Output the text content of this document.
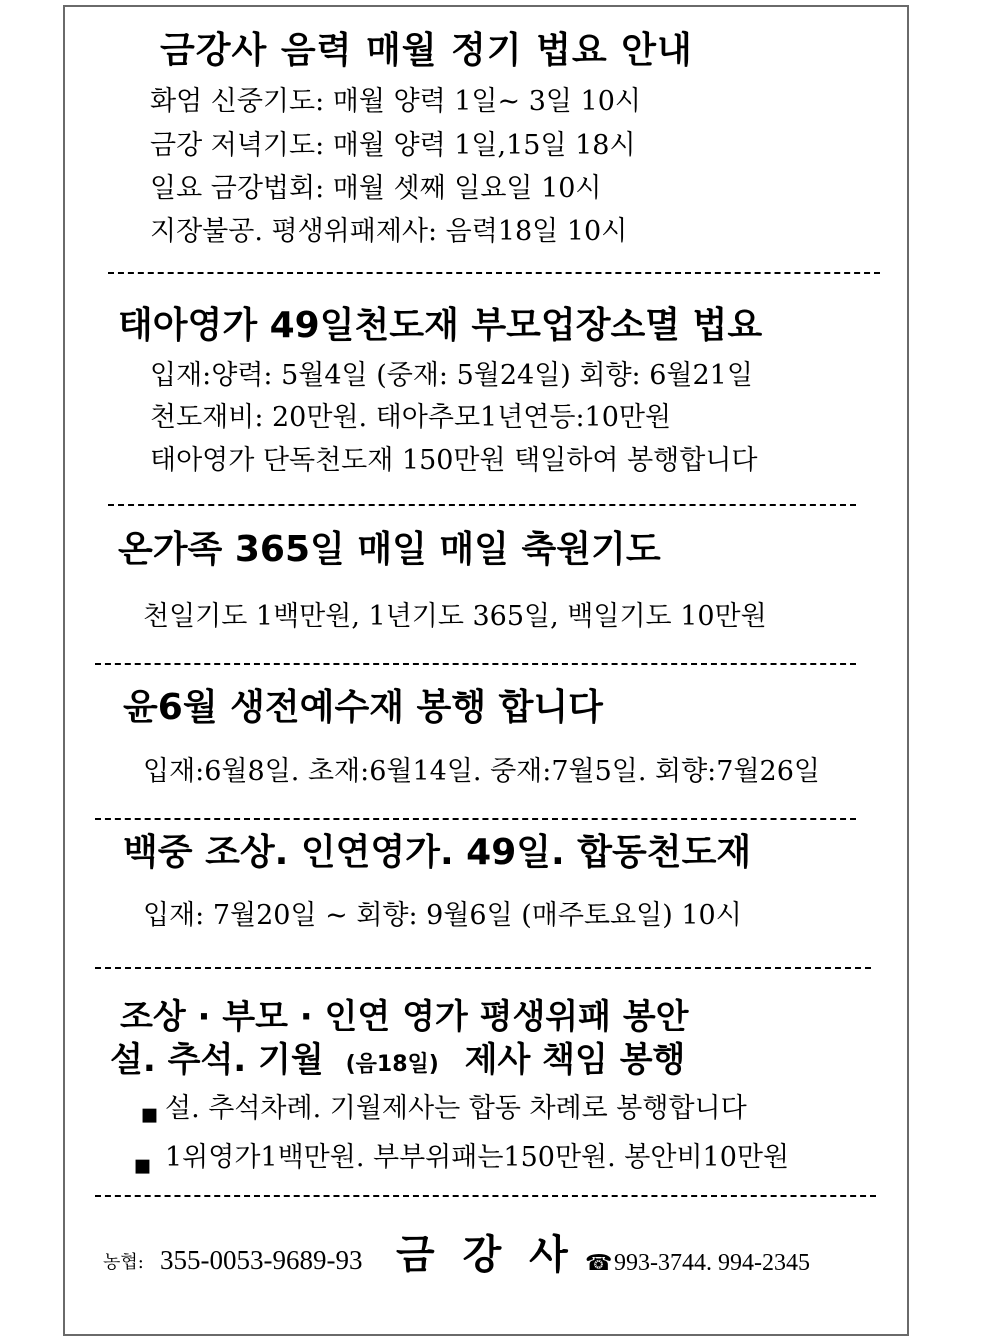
금강사 음력 매월 정기 법요 안내
화엄 신중기도: 매월 양력 1일~ 3일 10시
금강 저녁기도: 매월 양력 1일,15일 18시
일요 금강법회: 매월 셋째 일요일 10시
지장불공. 평생위패제사: 음력18일 10시
태아영가 49일천도재 부모업장소멸 법요
입재:양력: 5월4일 (중재: 5월24일) 회향: 6월21일
천도재비: 20만원. 태아추모1년연등:10만원
태아영가 단독천도재 150만원 택일하여 봉행합니다
온가족 365일 매일 매일 축원기도
천일기도 1백만원, 1년기도 365일, 백일기도 10만원
윤6월 생전예수재 봉행 합니다
입재:6월8일. 초재:6월14일. 중재:7월5일. 회향:7월26일
백중 조상. 인연영가. 49일. 합동천도재
입재: 7월20일 ~ 회향: 9월6일 (매주토요일) 10시
조상 · 부모 · 인연 영가 평생위패 봉안
설. 추석. 기월 (음18일) 제사 책임 봉행
▪ 설. 추석차례. 기월제사는 합동 차례로 봉행합니다
▪ 1위영가1백만원. 부부위패는150만원. 봉안비10만원
농협: 355-0053-9689-93 금 강 사 ☎ 993-3744. 994-2345
